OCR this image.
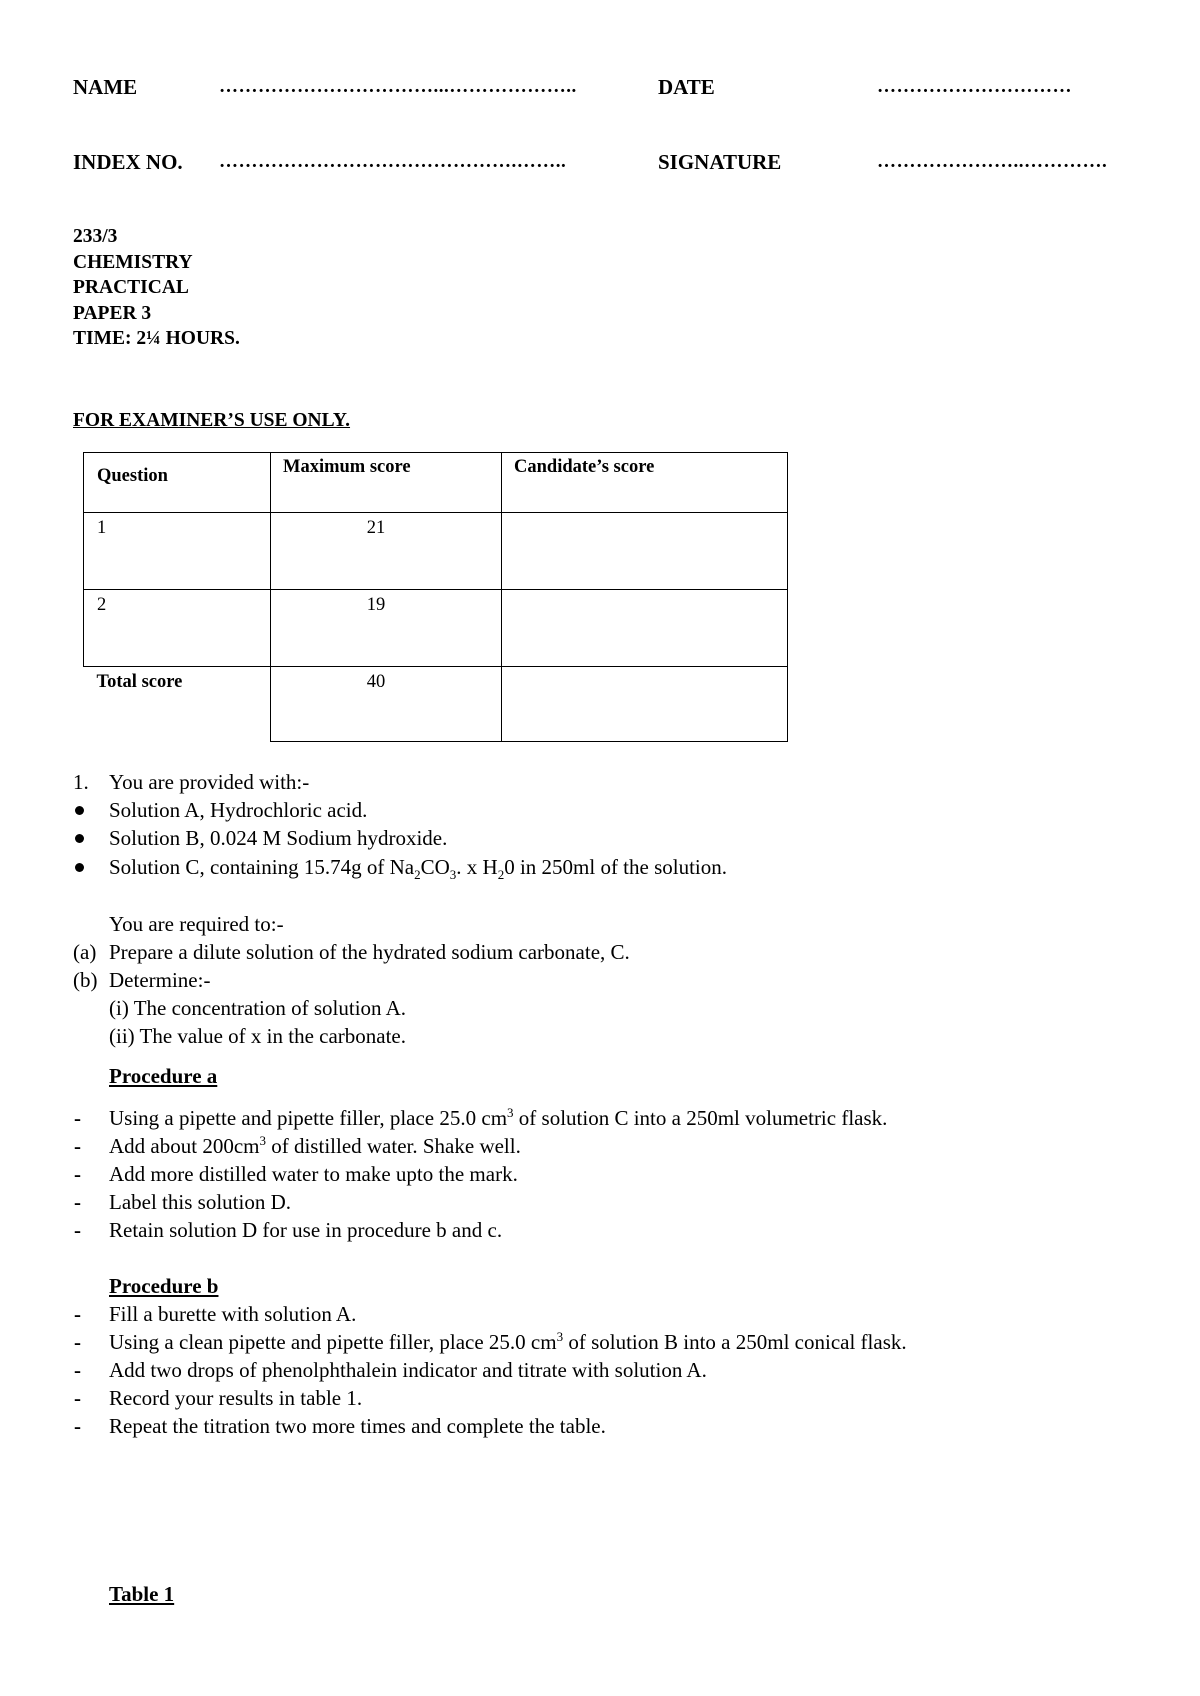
NAME	……………………………...………………..	DATE	…………………………
INDEX NO. ……………………………………….……..	SIGNATURE	…………………..………….
233/3
CHEMISTRY
PRACTICAL
PAPER 3
TIME: 2¼ HOURS.
FOR EXAMINER’S USE ONLY.
Question	Maximum score	Candidate’s score
1	21	
2	19	
Total score	40	
1. You are provided with:-
Solution A, Hydrochloric acid.
Solution B, 0.024 M Sodium hydroxide.
Solution C, containing 15.74g of $Na_2CO_3$. x $H_20$ in 250ml of the solution.
You are required to:-
(a) Prepare a dilute solution of the hydrated sodium carbonate, C.
(b) Determine:-
(i) The concentration of solution A.
(ii) The value of x in the carbonate.
Procedure a
- Using a pipette and pipette filler, place 25.0 $cm^3$ of solution C into a 250ml volumetric flask.
- Add about $200cm^3$ of distilled water. Shake well.
- Add more distilled water to make upto the mark.
- Label this solution D.
- Retain solution D for use in procedure b and c.
Procedure b
- Fill a burette with solution A.
- Using a clean pipette and pipette filler, place 25.0 $cm^3$ of solution B into a 250ml conical flask.
- Add two drops of phenolphthalein indicator and titrate with solution A.
- Record your results in table 1.
- Repeat the titration two more times and complete the table.
Table 1
